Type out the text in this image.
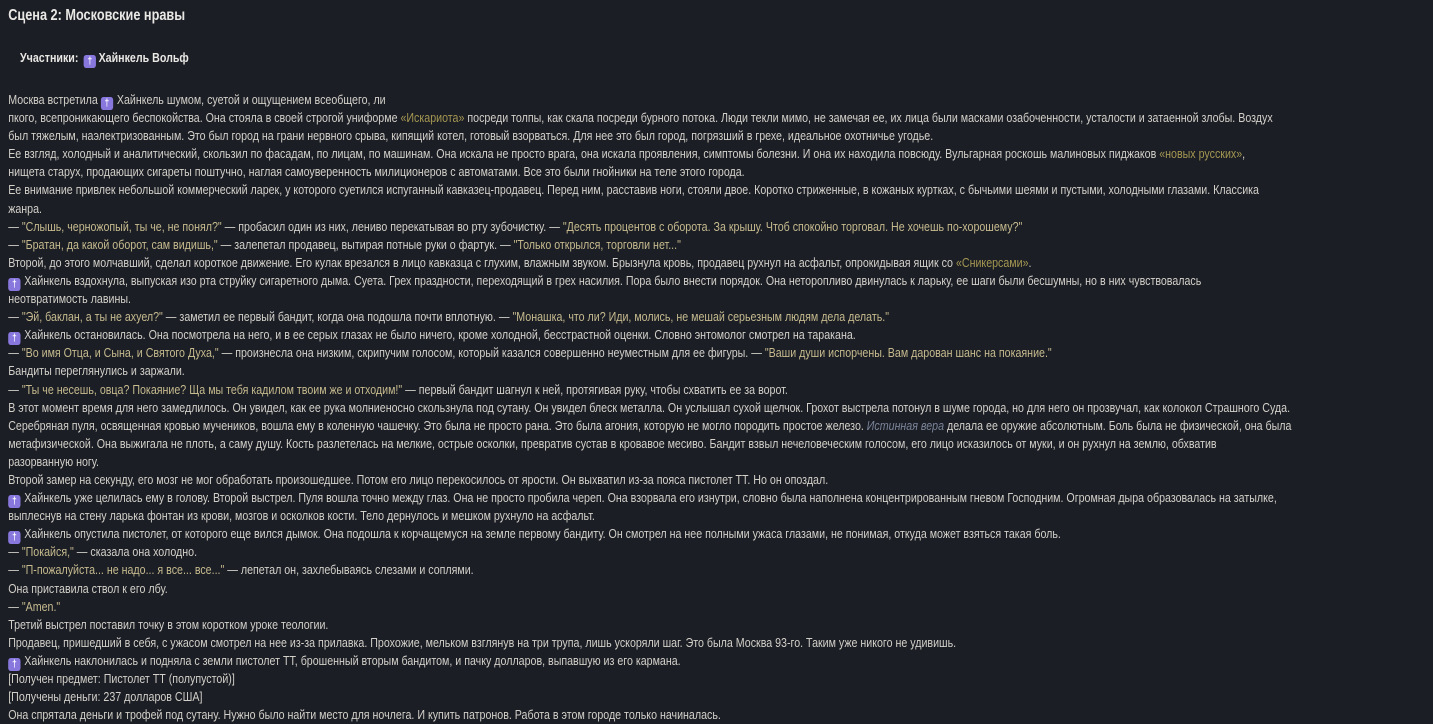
Сцена 2: Московские нравы

Участники: † Хайнкель Вольф

Москва встретила † Хайнкель шумом, суетой и ощущением всеобщего, ли
пкого, всепроникающего беспокойства. Она стояла в своей строгой униформе «Искариота» посреди толпы, как скала посреди бурного потока. Люди текли мимо, не замечая ее, их лица были масками озабоченности, усталости и затаенной злобы. Воздух
был тяжелым, наэлектризованным. Это был город на грани нервного срыва, кипящий котел, готовый взорваться. Для нее это был город, погрязший в грехе, идеальное охотничье угодье.
Ее взгляд, холодный и аналитический, скользил по фасадам, по лицам, по машинам. Она искала не просто врага, она искала проявления, симптомы болезни. И она их находила повсюду. Вульгарная роскошь малиновых пиджаков «новых русских»,
нищета старух, продающих сигареты поштучно, наглая самоуверенность милиционеров с автоматами. Все это были гнойники на теле этого города.
Ее внимание привлек небольшой коммерческий ларек, у которого суетился испуганный кавказец-продавец. Перед ним, расставив ноги, стояли двое. Коротко стриженные, в кожаных куртках, с бычьими шеями и пустыми, холодными глазами. Классика
жанра.
— "Слышь, черножопый, ты че, не понял?" — пробасил один из них, лениво перекатывая во рту зубочистку. — "Десять процентов с оборота. За крышу. Чтоб спокойно торговал. Не хочешь по-хорошему?"
— "Братан, да какой оборот, сам видишь," — залепетал продавец, вытирая потные руки о фартук. — "Только открылся, торговли нет..."
Второй, до этого молчавший, сделал короткое движение. Его кулак врезался в лицо кавказца с глухим, влажным звуком. Брызнула кровь, продавец рухнул на асфальт, опрокидывая ящик со «Сникерсами».
† Хайнкель вздохнула, выпуская изо рта струйку сигаретного дыма. Суета. Грех праздности, переходящий в грех насилия. Пора было внести порядок. Она неторопливо двинулась к ларьку, ее шаги были бесшумны, но в них чувствовалась
неотвратимость лавины.
— "Эй, баклан, а ты не ахуел?" — заметил ее первый бандит, когда она подошла почти вплотную. — "Монашка, что ли? Иди, молись, не мешай серьезным людям дела делать."
† Хайнкель остановилась. Она посмотрела на него, и в ее серых глазах не было ничего, кроме холодной, бесстрастной оценки. Словно энтомолог смотрел на таракана.
— "Во имя Отца, и Сына, и Святого Духа," — произнесла она низким, скрипучим голосом, который казался совершенно неуместным для ее фигуры. — "Ваши души испорчены. Вам дарован шанс на покаяние."
Бандиты переглянулись и заржали.
— "Ты че несешь, овца? Покаяние? Ща мы тебя кадилом твоим же и отходим!" — первый бандит шагнул к ней, протягивая руку, чтобы схватить ее за ворот.
В этот момент время для него замедлилось. Он увидел, как ее рука молниеносно скользнула под сутану. Он увидел блеск металла. Он услышал сухой щелчок. Грохот выстрела потонул в шуме города, но для него он прозвучал, как колокол Страшного Суда.
Серебряная пуля, освященная кровью мучеников, вошла ему в коленную чашечку. Это была не просто рана. Это была агония, которую не могло породить простое железо. Истинная вера делала ее оружие абсолютным. Боль была не физической, она была
метафизической. Она выжигала не плоть, а саму душу. Кость разлетелась на мелкие, острые осколки, превратив сустав в кровавое месиво. Бандит взвыл нечеловеческим голосом, его лицо исказилось от муки, и он рухнул на землю, обхватив
разорванную ногу.
Второй замер на секунду, его мозг не мог обработать произошедшее. Потом его лицо перекосилось от ярости. Он выхватил из-за пояса пистолет ТТ. Но он опоздал.
† Хайнкель уже целилась ему в голову. Второй выстрел. Пуля вошла точно между глаз. Она не просто пробила череп. Она взорвала его изнутри, словно была наполнена концентрированным гневом Господним. Огромная дыра образовалась на затылке,
выплеснув на стену ларька фонтан из крови, мозгов и осколков кости. Тело дернулось и мешком рухнуло на асфальт.
† Хайнкель опустила пистолет, от которого еще вился дымок. Она подошла к корчащемуся на земле первому бандиту. Он смотрел на нее полными ужаса глазами, не понимая, откуда может взяться такая боль.
— "Покайся," — сказала она холодно.
— "П-пожалуйста... не надо... я все... все..." — лепетал он, захлебываясь слезами и соплями.
Она приставила ствол к его лбу.
— "Amen."
Третий выстрел поставил точку в этом коротком уроке теологии.
Продавец, пришедший в себя, с ужасом смотрел на нее из-за прилавка. Прохожие, мельком взглянув на три трупа, лишь ускоряли шаг. Это была Москва 93-го. Таким уже никого не удивишь.
† Хайнкель наклонилась и подняла с земли пистолет ТТ, брошенный вторым бандитом, и пачку долларов, выпавшую из его кармана.
[Получен предмет: Пистолет ТТ (полупустой)]
[Получены деньги: 237 долларов США]
Она спрятала деньги и трофей под сутану. Нужно было найти место для ночлега. И купить патронов. Работа в этом городе только начиналась.
